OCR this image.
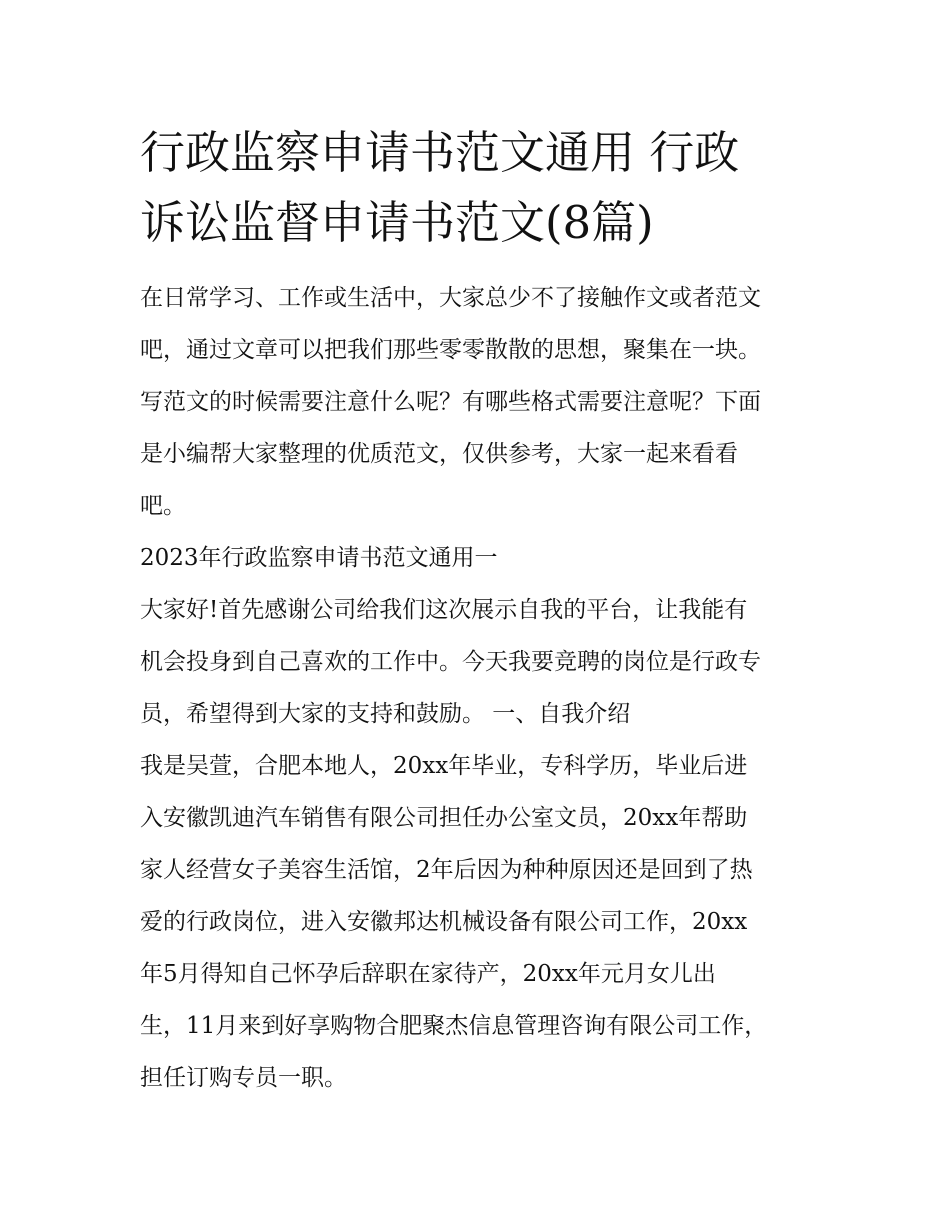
行政监察申请书范文通用 行政
诉讼监督申请书范文(8篇)

在日常学习、工作或生活中，大家总少不了接触作文或者范文
吧，通过文章可以把我们那些零零散散的思想，聚集在一块。
写范文的时候需要注意什么呢？有哪些格式需要注意呢？下面
是小编帮大家整理的优质范文，仅供参考，大家一起来看看
吧。

2023年行政监察申请书范文通用一

大家好!首先感谢公司给我们这次展示自我的平台，让我能有
机会投身到自己喜欢的工作中。今天我要竞聘的岗位是行政专
员，希望得到大家的支持和鼓励。 一、自我介绍

我是吴萱，合肥本地人，20xx年毕业，专科学历，毕业后进
入安徽凯迪汽车销售有限公司担任办公室文员，20xx年帮助
家人经营女子美容生活馆，2年后因为种种原因还是回到了热
爱的行政岗位，进入安徽邦达机械设备有限公司工作，20xx
年5月得知自己怀孕后辞职在家待产，20xx年元月女儿出
生，11月来到好享购物合肥聚杰信息管理咨询有限公司工作，
担任订购专员一职。
